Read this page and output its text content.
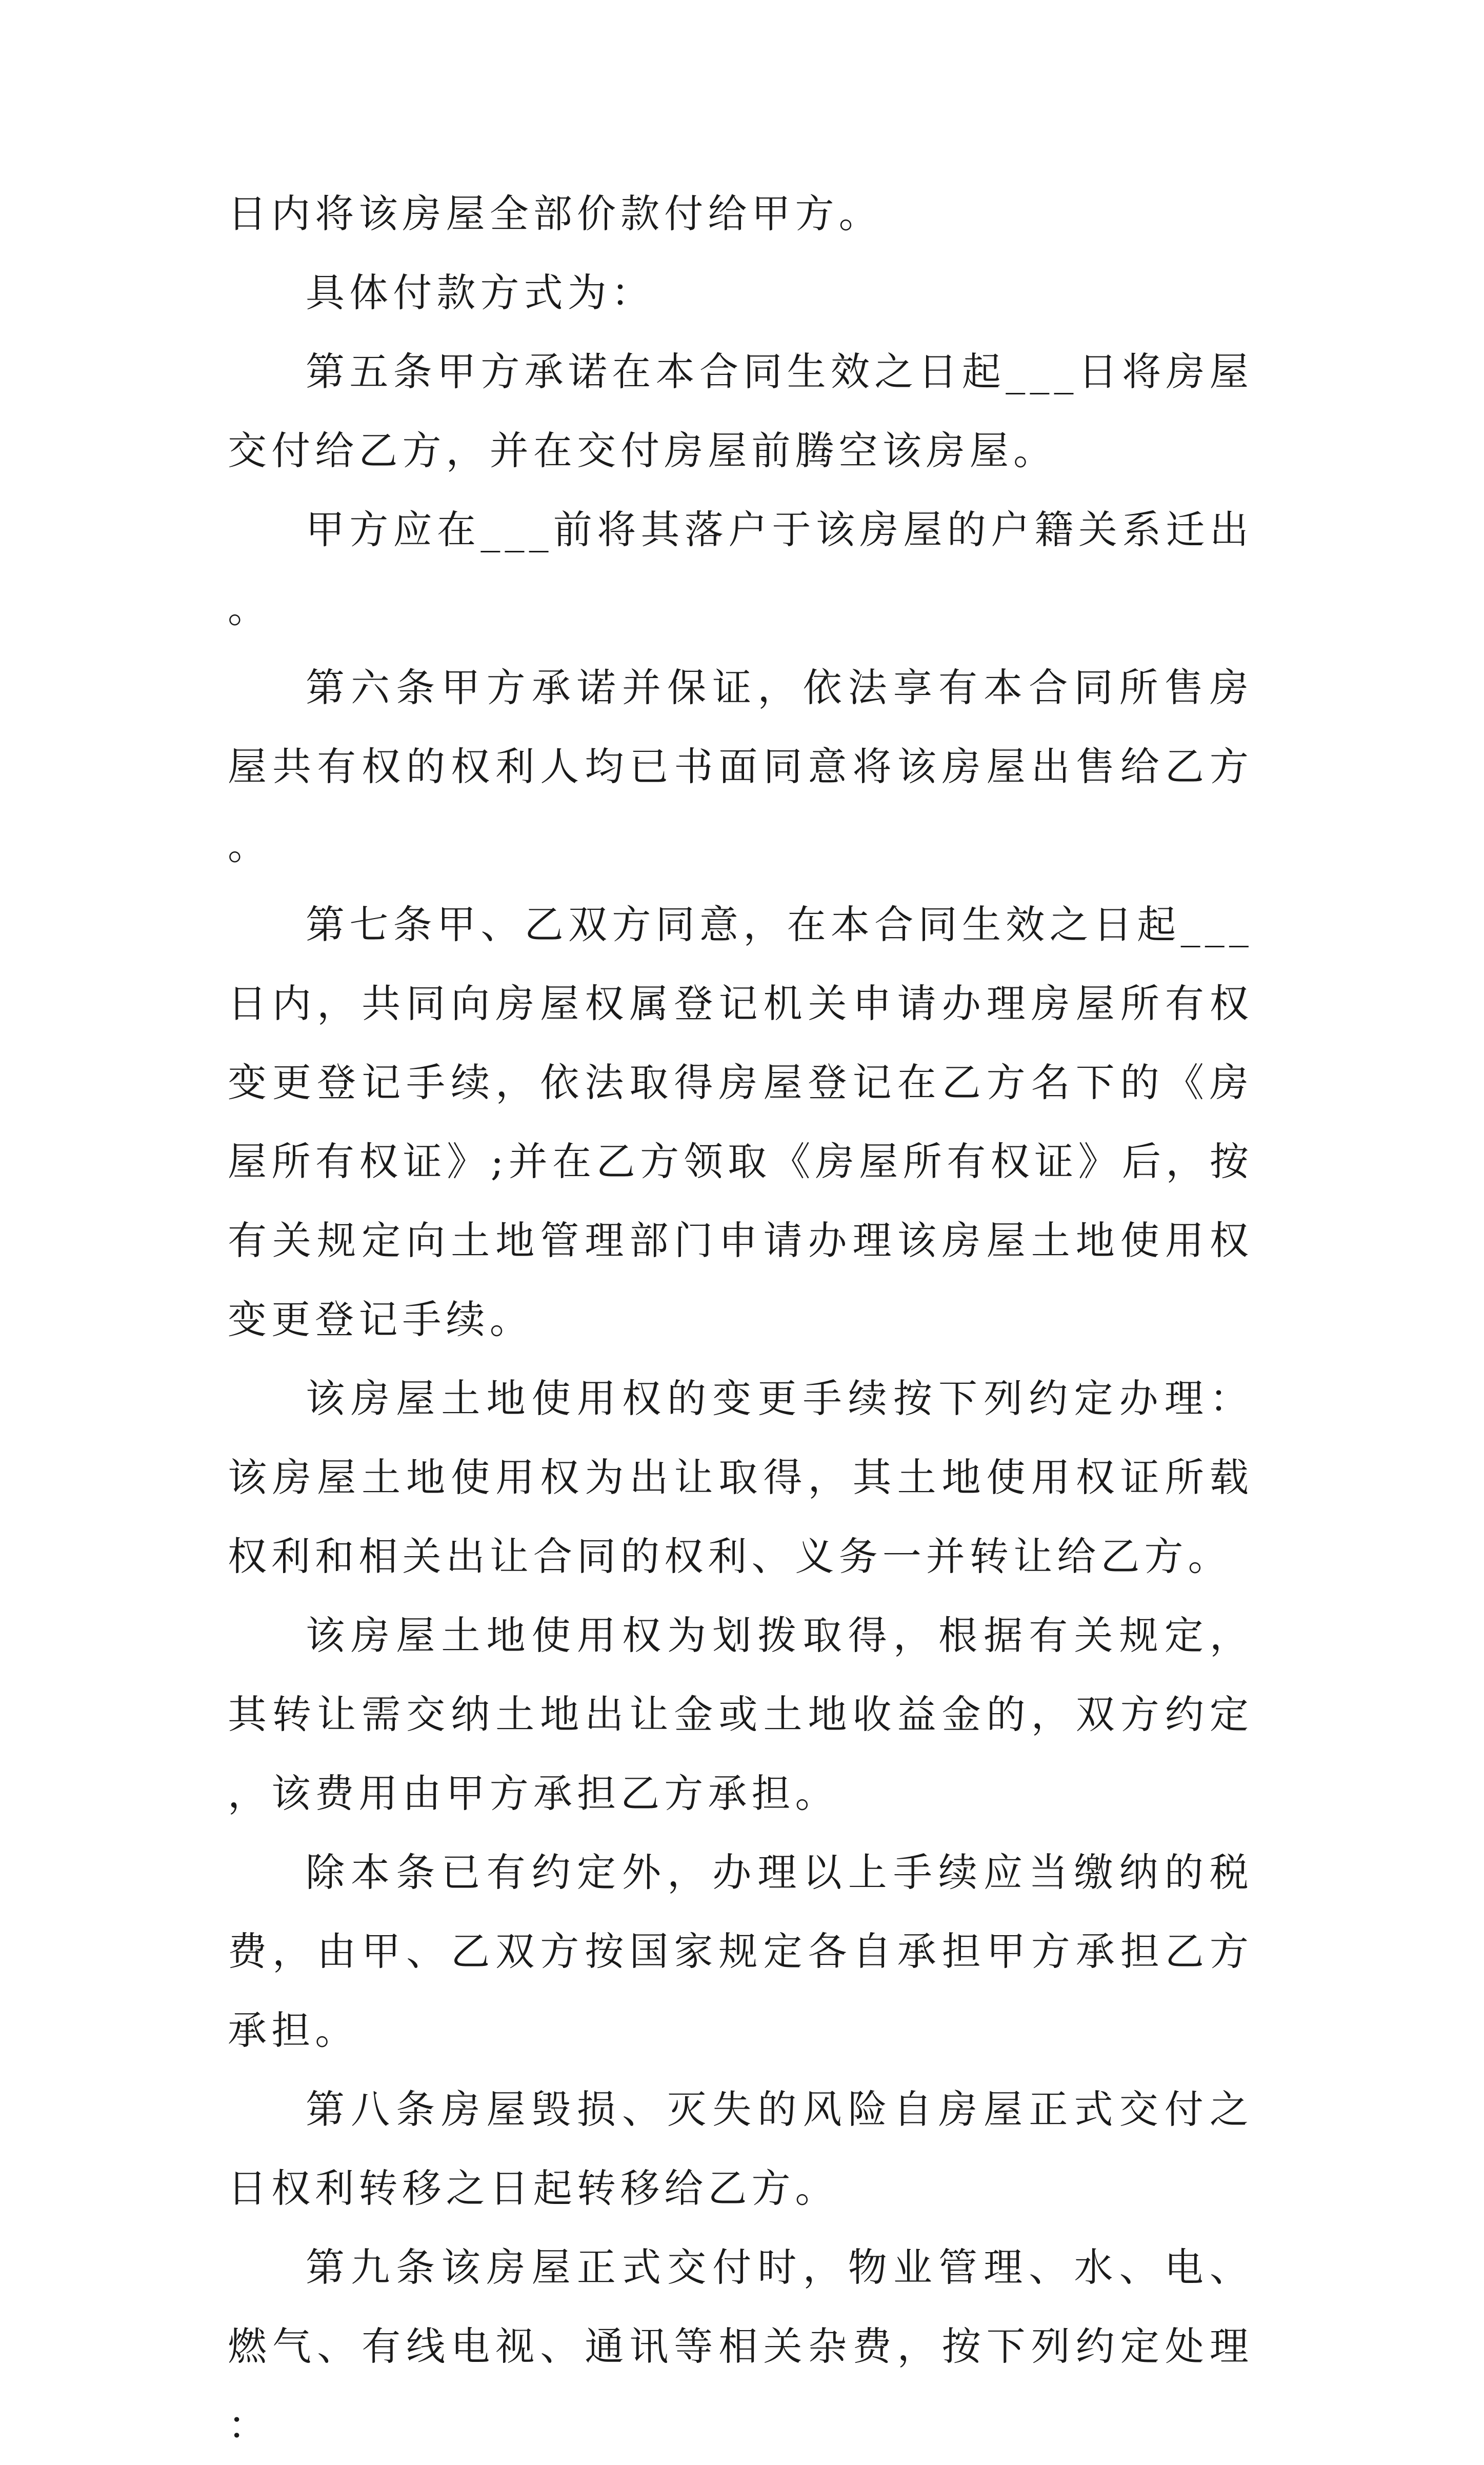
日内将该房屋全部价款付给甲方。

具体付款方式为：

第五条甲方承诺在本合同生效之日起___日将房屋交付给乙方，并在交付房屋前腾空该房屋。

甲方应在___前将其落户于该房屋的户籍关系迁出。

第六条甲方承诺并保证，依法享有本合同所售房屋共有权的权利人均已书面同意将该房屋出售给乙方。

第七条甲、乙双方同意，在本合同生效之日起___日内，共同向房屋权属登记机关申请办理房屋所有权变更登记手续，依法取得房屋登记在乙方名下的《房屋所有权证》;并在乙方领取《房屋所有权证》后，按有关规定向土地管理部门申请办理该房屋土地使用权变更登记手续。

该房屋土地使用权的变更手续按下列约定办理：该房屋土地使用权为出让取得，其土地使用权证所载权利和相关出让合同的权利、义务一并转让给乙方。

该房屋土地使用权为划拨取得，根据有关规定，其转让需交纳土地出让金或土地收益金的，双方约定，该费用由甲方承担乙方承担。

除本条已有约定外，办理以上手续应当缴纳的税费，由甲、乙双方按国家规定各自承担甲方承担乙方承担。

第八条房屋毁损、灭失的风险自房屋正式交付之日权利转移之日起转移给乙方。

第九条该房屋正式交付时，物业管理、水、电、燃气、有线电视、通讯等相关杂费，按下列约定处理：
